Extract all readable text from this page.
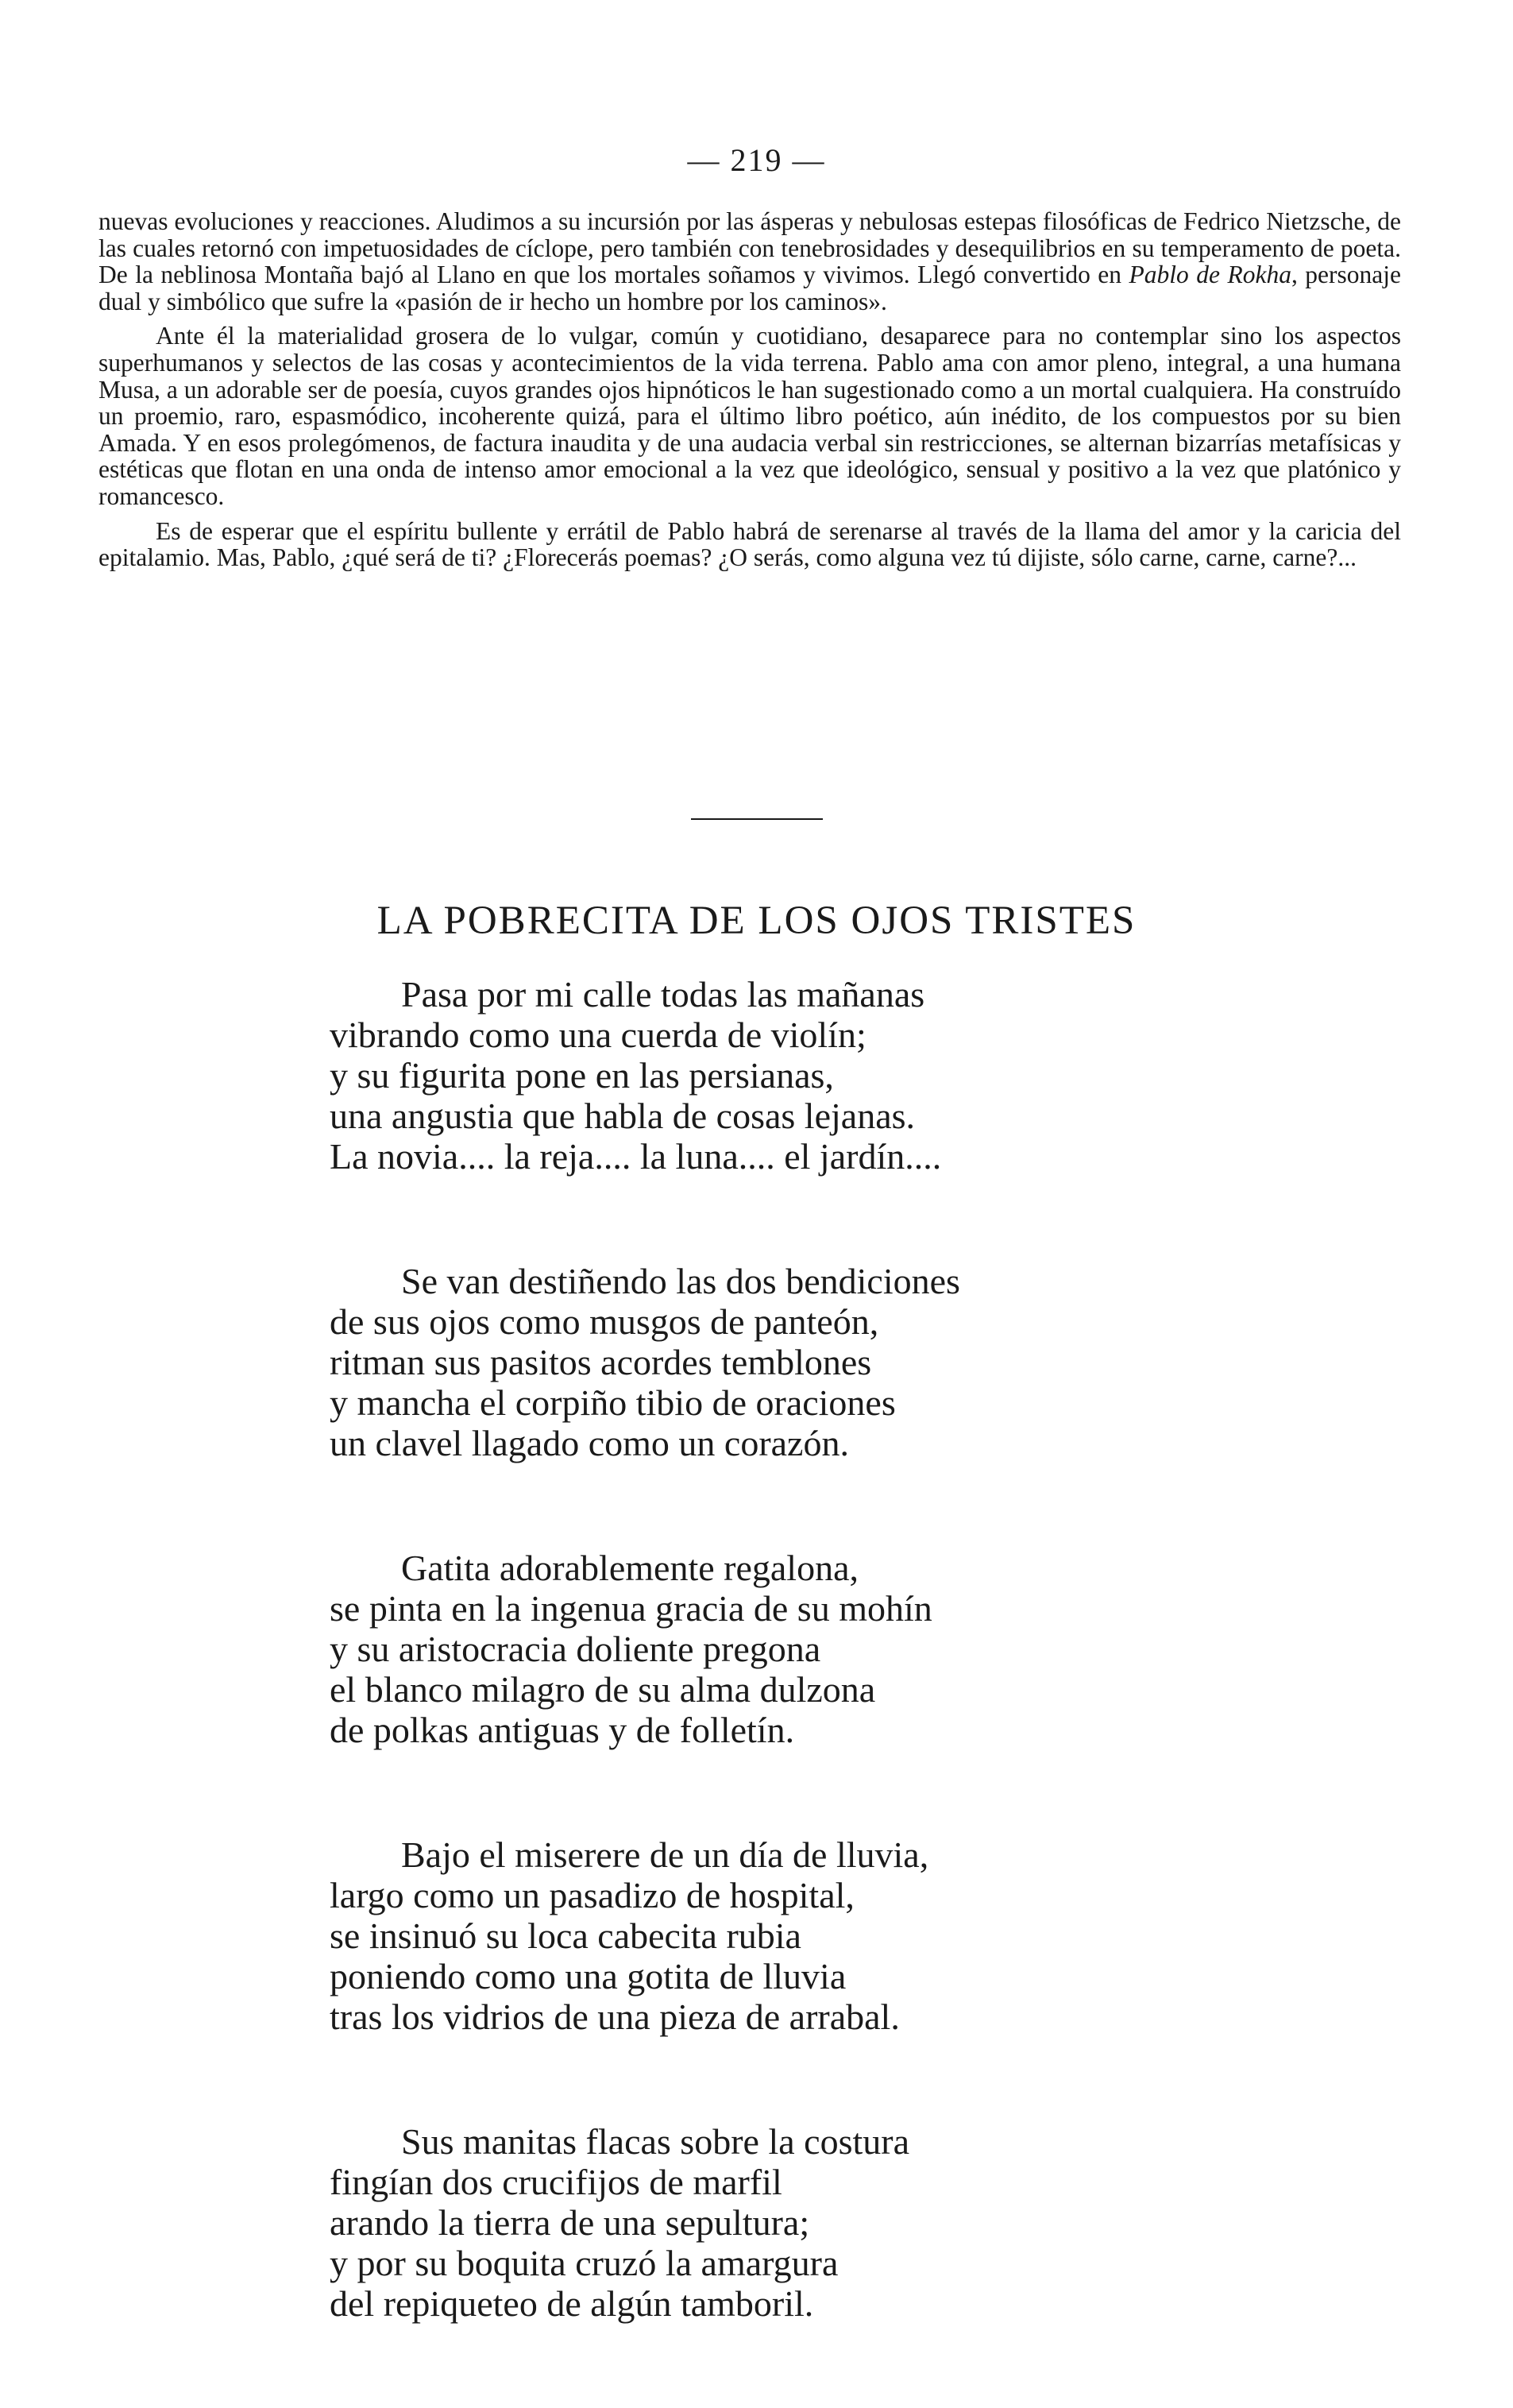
— 219 —

nuevas evoluciones y reacciones. Aludimos a su incursión por las ásperas y nebulosas estepas filosóficas de Fedrico Nietzsche, de las cuales retornó con impetuosidades de cíclope, pero también con tenebrosidades y desequilibrios en su temperamento de poeta. De la neblinosa Montaña bajó al Llano en que los mortales soñamos y vivimos. Llegó convertido en Pablo de Rokha, personaje dual y simbólico que sufre la «pasión de ir hecho un hombre por los caminos».

Ante él la materialidad grosera de lo vulgar, común y cuotidiano, desaparece para no contemplar sino los aspectos superhumanos y selectos de las cosas y acontecimientos de la vida terrena. Pablo ama con amor pleno, integral, a una humana Musa, a un adorable ser de poesía, cuyos grandes ojos hipnóticos le han sugestionado como a un mortal cualquiera. Ha construído un proemio, raro, espasmódico, incoherente quizá, para el último libro poético, aún inédito, de los compuestos por su bien Amada. Y en esos prolegómenos, de factura inaudita y de una audacia verbal sin restricciones, se alternan bizarrías metafísicas y estéticas que flotan en una onda de intenso amor emocional a la vez que ideológico, sensual y positivo a la vez que platónico y romancesco.

Es de esperar que el espíritu bullente y errátil de Pablo habrá de serenarse al través de la llama del amor y la caricia del epitalamio. Mas, Pablo, ¿qué será de ti? ¿Florecerás poemas? ¿O serás, como alguna vez tú dijiste, sólo carne, carne, carne?...

LA POBRECITA DE LOS OJOS TRISTES
Pasa por mi calle todas las mañanas
vibrando como una cuerda de violín;
y su figurita pone en las persianas,
una angustia que habla de cosas lejanas.
La novia.... la reja.... la luna.... el jardín....
Se van destiñendo las dos bendiciones
de sus ojos como musgos de panteón,
ritman sus pasitos acordes temblones
y mancha el corpiño tibio de oraciones
un clavel llagado como un corazón.
Gatita adorablemente regalona,
se pinta en la ingenua gracia de su mohín
y su aristocracia doliente pregona
el blanco milagro de su alma dulzona
de polkas antiguas y de folletín.
Bajo el miserere de un día de lluvia,
largo como un pasadizo de hospital,
se insinuó su loca cabecita rubia
poniendo como una gotita de lluvia
tras los vidrios de una pieza de arrabal.
Sus manitas flacas sobre la costura
fingían dos crucifijos de marfil
arando la tierra de una sepultura;
y por su boquita cruzó la amargura
del repiqueteo de algún tamboril.
